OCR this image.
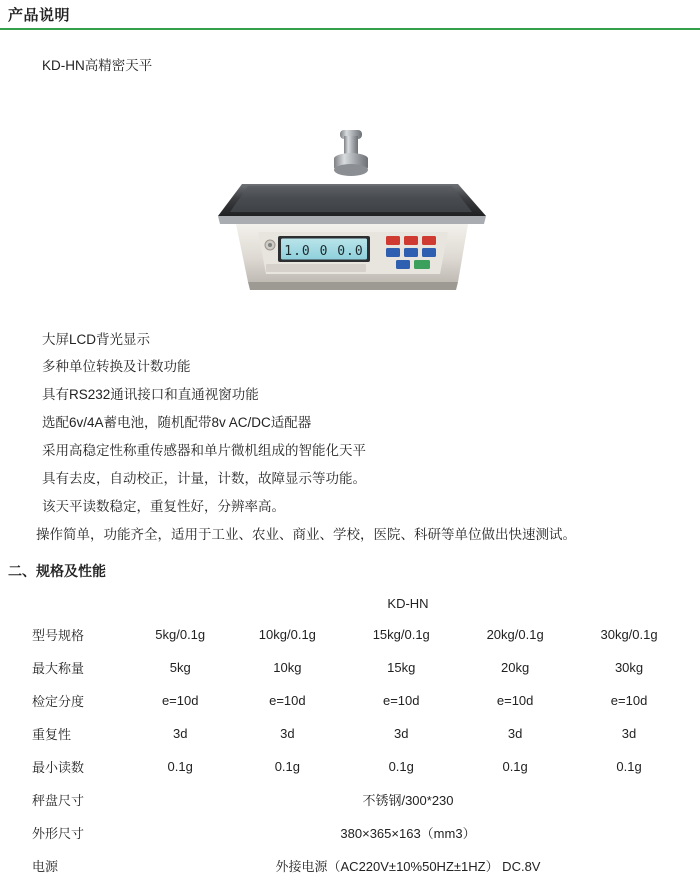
产品说明
KD-HN高精密天平
1.0 0 0.0
大屏LCD背光显示
多种单位转换及计数功能
具有RS232通讯接口和直通视窗功能
选配6v/4A蓄电池，随机配带8v AC/DC适配器
采用高稳定性称重传感器和单片微机组成的智能化天平
具有去皮，自动校正，计量，计数，故障显示等功能。
该天平读数稳定，重复性好，分辨率高。
操作简单，功能齐全，适用于工业、农业、商业、学校，医院、科研等单位做出快速测试。
二、规格及性能
	KD-HN				
型号规格	5kg/0.1g	10kg/0.1g	15kg/0.1g	20kg/0.1g	30kg/0.1g
最大称量	5kg	10kg	15kg	20kg	30kg
检定分度	e=10d	e=10d	e=10d	e=10d	e=10d
重复性	3d	3d	3d	3d	3d
最小读数	0.1g	0.1g	0.1g	0.1g	0.1g
秤盘尺寸	不锈钢/300*230				
外形尺寸	380×365×163（mm3）				
电源	外接电源（AC220V±10%50HZ±1HZ） DC.8V				
